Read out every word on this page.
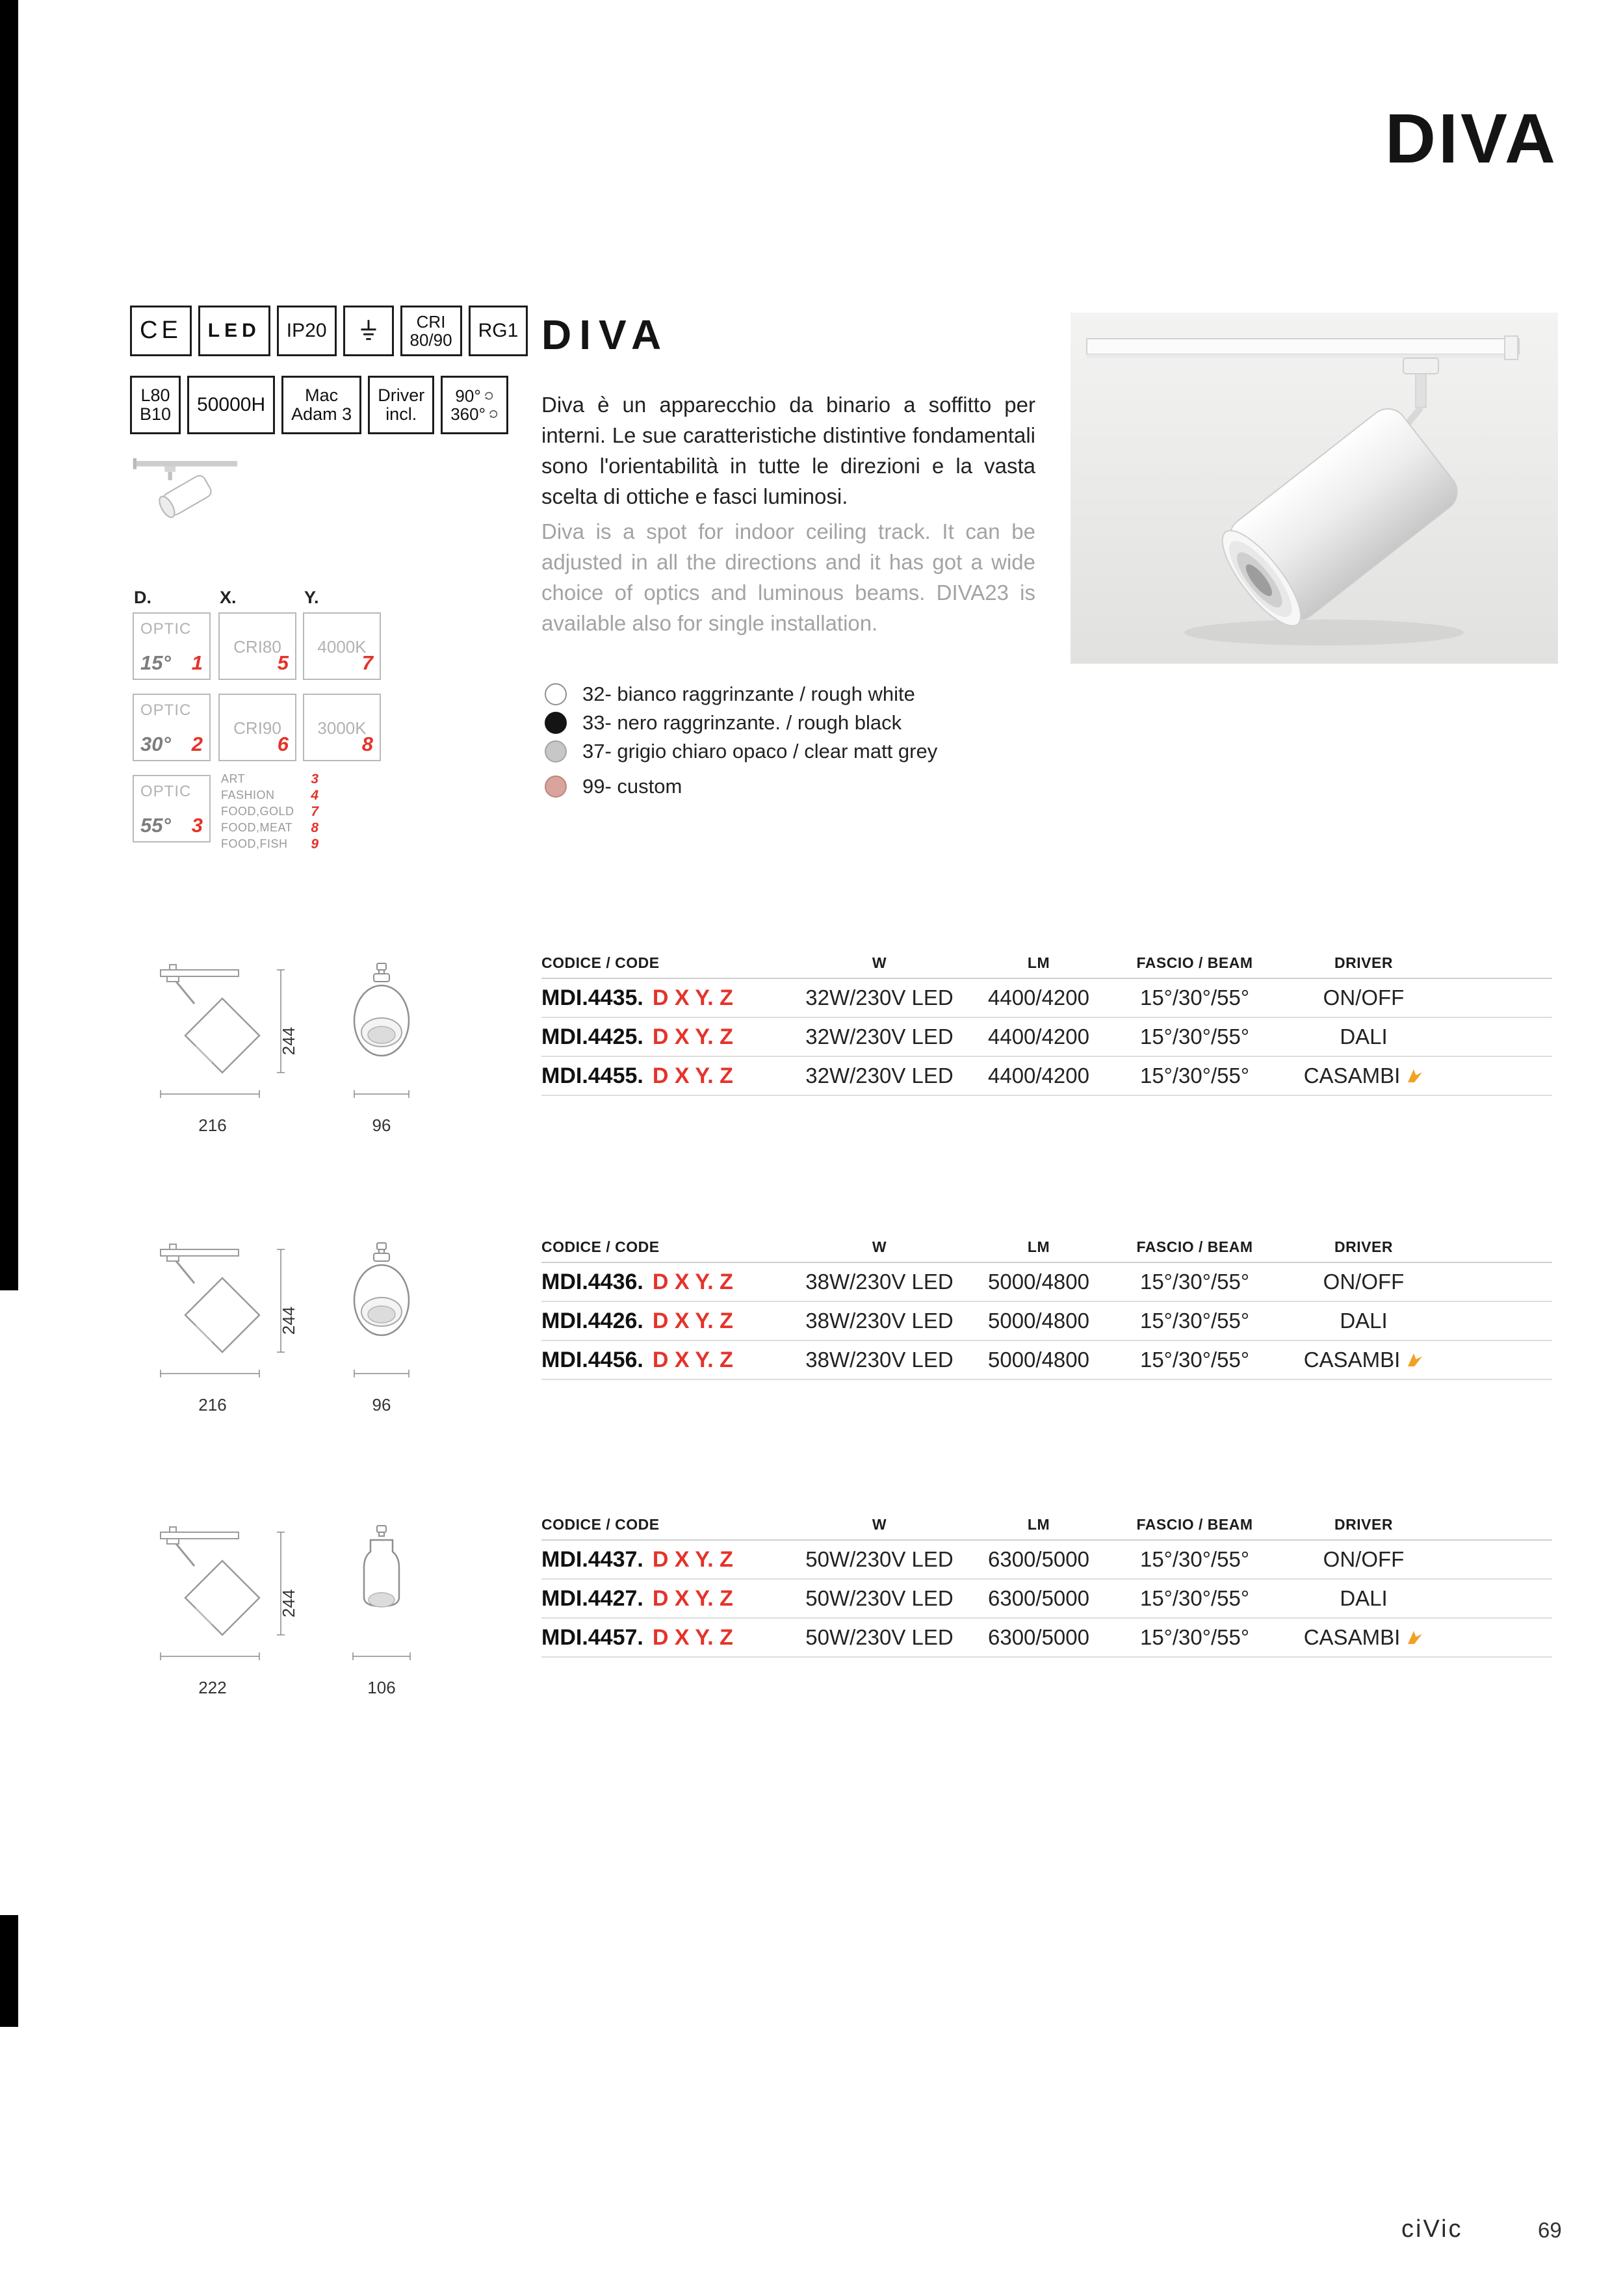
DIVA
CE LED IP20	CRI
80/90 RG1
L80
B10 50000H Mac
Adam 3
Driver
incl.
90°
360°
D.	X.	Y.
OPTIC
15° 1
OPTIC
30° 2
OPTIC
55° 3
CRI80
5
CRI90
6
4000K
7
3000K
8
ART	3
FASHION	4
FOOD,GOLD 7
FOOD,MEAT 8
FOOD,FISH 9
DIVA
Diva è un apparecchio da binario a soffitto per interni. Le sue caratteristiche distintive fondamentali sono l'orientabilità in tutte le direzioni e la vasta scelta di ottiche e fasci luminosi.
Diva is a spot for indoor ceiling track. It can be adjusted in all the directions and it has got a wide choice of optics and luminous beams. DIVA23 is available also for single installation.
32- bianco raggrinzante / rough white
33- nero raggrinzante. / rough black
37- grigio chiaro opaco / clear matt grey
99- custom
244
216	96
CODICE / CODE	W	LM	FASCIO / BEAM	DRIVER
MDI.4435. D X Y. Z	32W/230V LED	4400/4200	15°/30°/55°	ON/OFF
MDI.4425. D X Y. Z	32W/230V LED	4400/4200	15°/30°/55°	DALI
MDI.4455. D X Y. Z	32W/230V LED	4400/4200	15°/30°/55°	CASAMBI
244
216	96
CODICE / CODE	W	LM	FASCIO / BEAM	DRIVER
MDI.4436. D X Y. Z	38W/230V LED	5000/4800	15°/30°/55°	ON/OFF
MDI.4426. D X Y. Z	38W/230V LED	5000/4800	15°/30°/55°	DALI
MDI.4456. D X Y. Z	38W/230V LED	5000/4800	15°/30°/55°	CASAMBI
244
222	106
CODICE / CODE	W	LM	FASCIO / BEAM	DRIVER
MDI.4437. D X Y. Z	50W/230V LED	6300/5000	15°/30°/55°	ON/OFF
MDI.4427. D X Y. Z	50W/230V LED	6300/5000	15°/30°/55°	DALI
MDI.4457. D X Y. Z	50W/230V LED	6300/5000	15°/30°/55°	CASAMBI
ciVic	69
